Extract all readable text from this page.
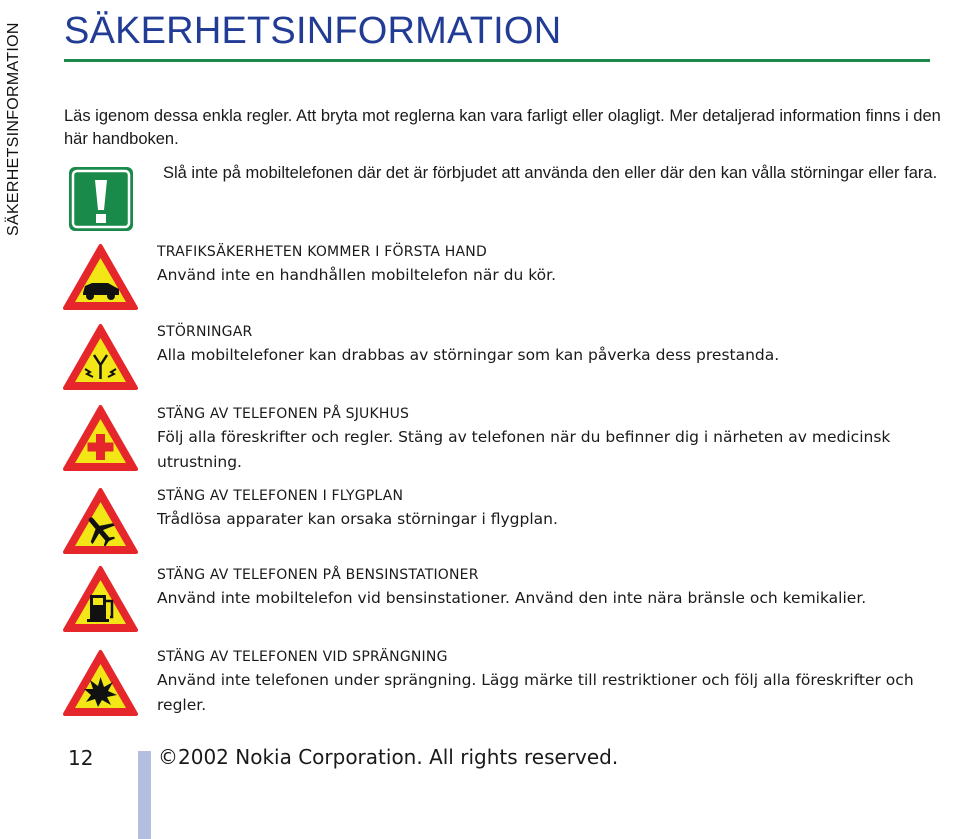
SÄKERHETSINFORMATION SÄKERHETSINFORMATION

Läs igenom dessa enkla regler. Att bryta mot reglerna kan vara farligt eller olagligt. Mer detaljerad information finns i den här handboken.

Slå inte på mobiltelefonen där det är förbjudet att använda den eller där den kan vålla störningar eller fara.

TRAFIKSÄKERHETEN KOMMER I FÖRSTA HAND

Använd inte en handhållen mobiltelefon när du kör.

STÖRNINGAR

Alla mobiltelefoner kan drabbas av störningar som kan påverka dess prestanda.

STÄNG AV TELEFONEN PÅ SJUKHUS

Följ alla föreskrifter och regler. Stäng av telefonen när du befinner dig i närheten av medicinsk utrustning.

STÄNG AV TELEFONEN I FLYGPLAN

Trådlösa apparater kan orsaka störningar i flygplan.

STÄNG AV TELEFONEN PÅ BENSINSTATIONER

Använd inte mobiltelefon vid bensinstationer. Använd den inte nära bränsle och kemikalier.

STÄNG AV TELEFONEN VID SPRÄNGNING

Använd inte telefonen under sprängning. Lägg märke till restriktioner och följ alla föreskrifter och regler.

12	©2002 Nokia Corporation. All rights reserved.
